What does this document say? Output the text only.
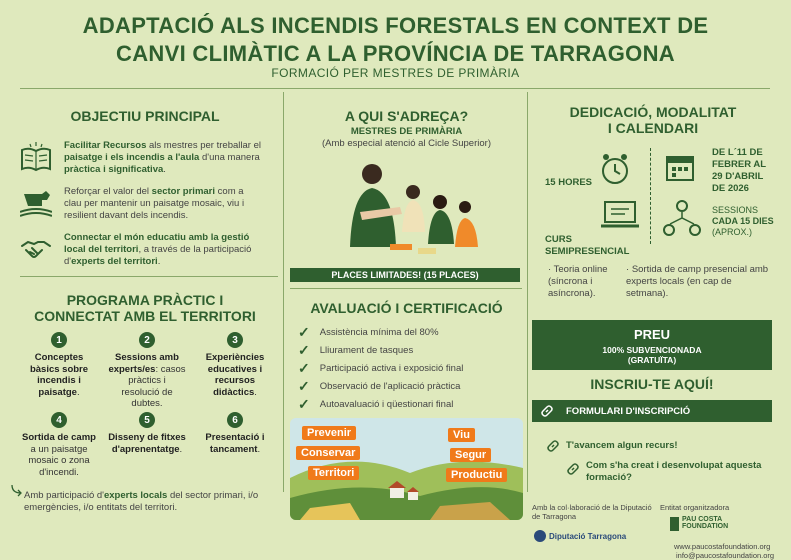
ADAPTACIÓ ALS INCENDIS FORESTALS EN CONTEXT DE
CANVI CLIMÀTIC A LA PROVÍNCIA DE TARRAGONA
FORMACIÓ PER MESTRES DE PRIMÀRIA
OBJECTIU PRINCIPAL
Facilitar Recursos als mestres per treballar el paisatge i els incendis a l'aula d'una manera pràctica i significativa.
Reforçar el valor del sector primari com a clau per mantenir un paisatge mosaic, viu i resilient davant dels incendis.
Connectar el món educatiu amb la gestió local del territori, a través de la participació d'experts del territori.
PROGRAMA PRÀCTIC I
CONNECTAT AMB EL TERRITORI
1
Conceptes bàsics sobre incendis i paisatge.
2
Sessions amb experts/es: casos pràctics i resolució de dubtes.
3
Experiències educatives i recursos didàctics.
4
Sortida de camp a un paisatge mosaic o zona d'incendi.
5
Disseny de fitxes d'aprenentatge.
6
Presentació i tancament.
Amb participació d'experts locals del sector primari, i/o emergències, i/o entitats del territori.
A QUI S'ADREÇA?
MESTRES DE PRIMÀRIA
(Amb especial atenció al Cicle Superior)
PLACES LIMITADES! (15 PLACES)
AVALUACIÓ I CERTIFICACIÓ
✓ Assistència mínima del 80%
✓ Lliurament de tasques
✓ Participació activa i exposició final
✓ Observació de l'aplicació pràctica
✓ Autoavaluació i qüestionari final
Prevenir
Conservar
Territori
Viu
Segur
Productiu
DEDICACIÓ, MODALITAT
I CALENDARI
15 HORES
DE L´11 DE FEBRER AL 29 D'ABRIL DE 2026
SESSIONS CADA 15 DIES (APROX.)
CURS SEMIPRESENCIAL
· Teoria online (síncrona i asíncrona).
· Sortida de camp presencial amb experts locals (en cap de setmana).
PREU
100% SUBVENCIONADA
(GRATUÏTA)
INSCRIU-TE AQUÍ!
FORMULARI D'INSCRIPCIÓ
T'avancem algun recurs!
Com s'ha creat i desenvolupat aquesta formació?
Amb la col·laboració de la Diputació de Tarragona
Diputació Tarragona
Entitat organitzadora
PAU COSTA FOUNDATION
www.paucostafoundation.org
info@paucostafoundation.org
